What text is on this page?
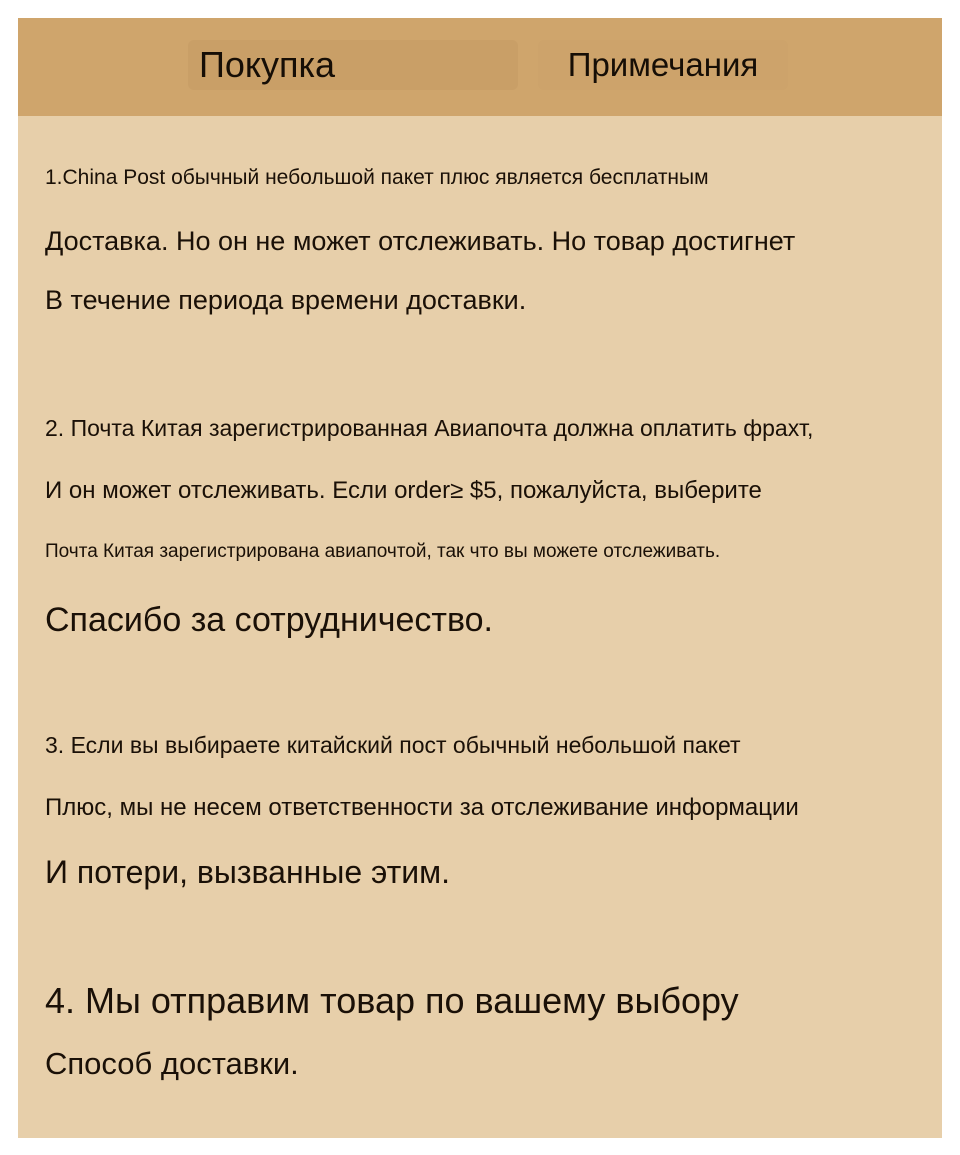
Покупка	Примечания
1.China Post обычный небольшой пакет плюс является бесплатным
Доставка. Но он не может отслеживать. Но товар достигнет
В течение периода времени доставки.
2. Почта Китая зарегистрированная Авиапочта должна оплатить фрахт,
И он может отслеживать. Если order≥ $5, пожалуйста, выберите
Почта Китая зарегистрирована авиапочтой, так что вы можете отслеживать.
Спасибо за сотрудничество.
3. Если вы выбираете китайский пост обычный небольшой пакет
Плюс, мы не несем ответственности за отслеживание информации
И потери, вызванные этим.
4. Мы отправим товар по вашему выбору
Способ доставки.
